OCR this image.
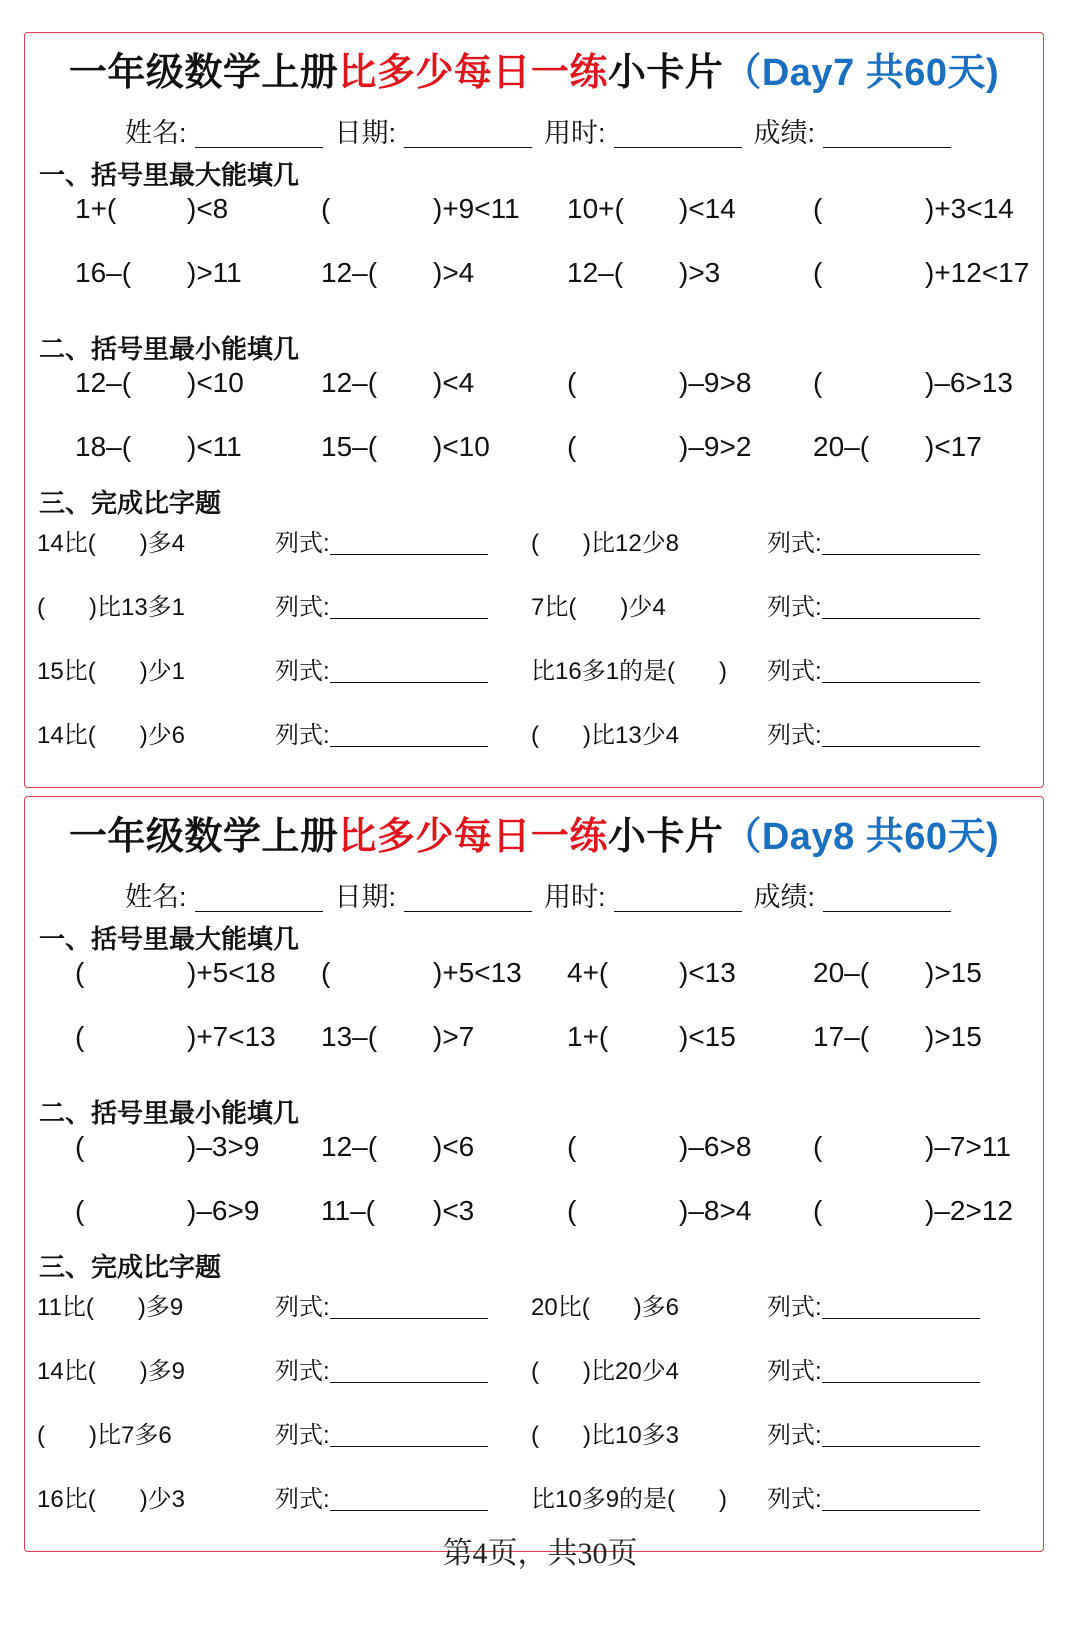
一年级数学上册比多少每日一练小卡片（Day7 共60天)
姓名:	日期:	用时:	成绩:
一、括号里最大能填几
二、括号里最小能填几
三、完成比字题
1+(	)<8	(	)+9<11 10+( )<14	(	)+3<14
16–( )>11	12–( )>4	12–( )>3	(	)+12<17
12–( )<10	12–( )<4	(	)–9>8 (	)–6>13
18–( )<11	15–( )<10	(	)–9>2 20–( )<17
14比( )多4	列式:	( )比12少8	列式:
( )比13多1	列式:	7比( )少4	列式:
15比( )少1	列式:	比16多1的是( ) 列式:
14比( )少6	列式:	( )比13少4	列式:
一年级数学上册比多少每日一练小卡片（Day8 共60天)
姓名:	日期:	用时:	成绩:
一、括号里最大能填几
二、括号里最小能填几
三、完成比字题
(	)+5<18 (	)+5<13 4+(	)<13	20–( )>15
(	)+7<13 13–( )>7	1+(	)<15	17–( )>15
(	)–3>9 12–( )<6	(	)–6>8 (	)–7>11
(	)–6>9 11–( )<3	(	)–8>4 (	)–2>12
11比( )多9	列式:	20比( )多6	列式:
14比( )多9	列式:	( )比20少4	列式:
( )比7多6	列式:	( )比10多3	列式:
16比( )少3	列式:	比10多9的是( ) 列式:
第4页，共30页
